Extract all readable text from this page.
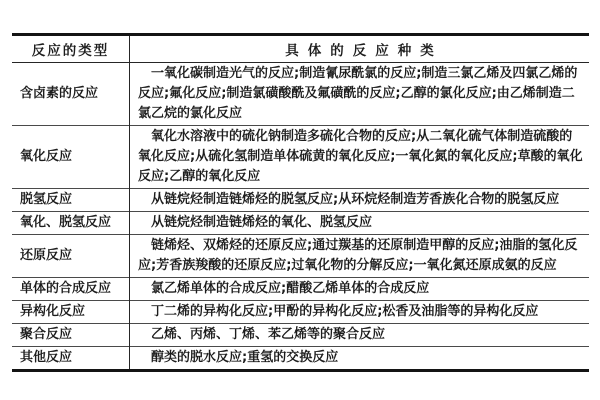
反应的类型	具体的反应种类
含卤素的反应	一氧化碳制造光气的反应;制造氰尿酰氯的反应;制造三氯乙烯及四氯乙烯的反应;氟化反应;制造氯磺酸酰及氟磺酰的反应;乙醇的氯化反应;由乙烯制造二氯乙烷的氯化反应

氧化反应	氧化水溶液中的硫化钠制造多硫化合物的反应;从二氧化硫气体制造硫酸的氧化反应;从硫化氢制造单体硫黄的氧化反应;一氧化氮的氧化反应;草酸的氧化反应;乙醇的氧化反应

脱氢反应	从链烷烃制造链烯烃的脱氢反应;从环烷烃制造芳香族化合物的脱氢反应

氧化、脱氢反应	从链烷烃制造链烯烃的氧化、脱氢反应

还原反应	链烯烃、双烯烃的还原反应;通过羰基的还原制造甲醇的反应;油脂的氢化反应;芳香族羧酸的还原反应;过氧化物的分解反应;一氧化氮还原成氨的反应

单体的合成反应	氯乙烯单体的合成反应;醋酸乙烯单体的合成反应

异构化反应	丁二烯的异构化反应;甲酚的异构化反应;松香及油脂等的异构化反应

聚合反应	乙烯、丙烯、丁烯、苯乙烯等的聚合反应

其他反应	醇类的脱水反应;重氢的交换反应
